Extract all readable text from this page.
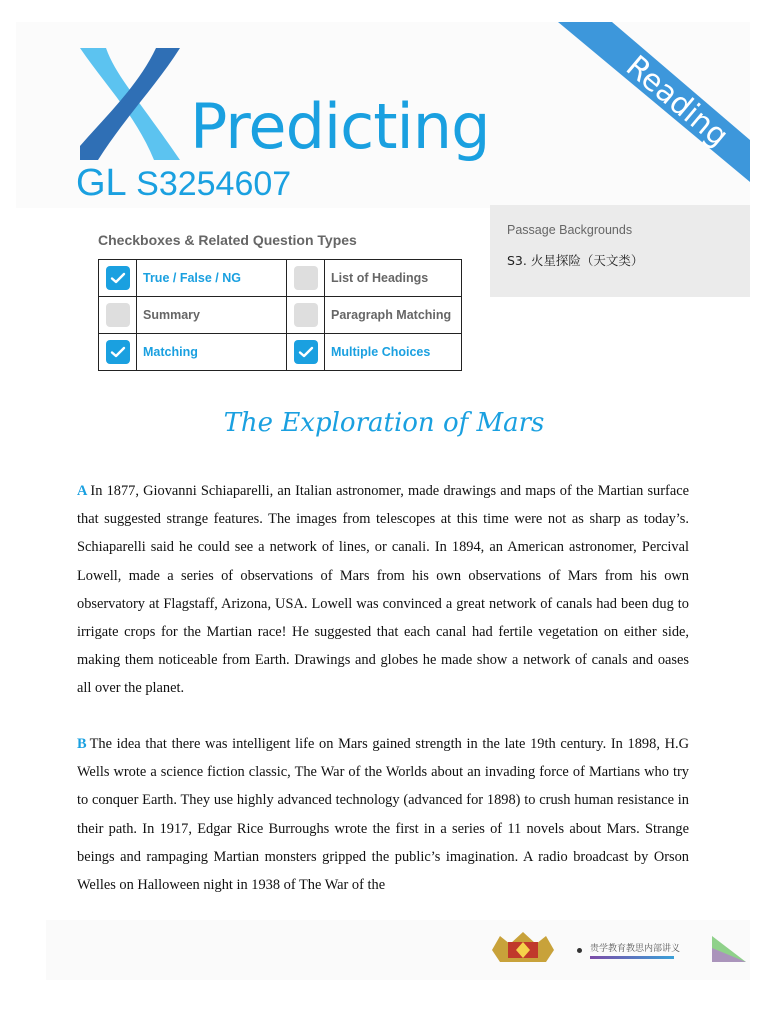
Predicting
GL S3254607
Reading
Checkboxes & Related Question Types
	True / False / NG		List of Headings
	Summary		Paragraph Matching
	Matching		Multiple Choices
Passage Backgrounds
S3. 火星探险（天文类）
The Exploration of Mars
A In 1877, Giovanni Schiaparelli, an Italian astronomer, made drawings and maps of the Martian surface that suggested strange features. The images from telescopes at this time were not as sharp as today’s. Schiaparelli said he could see a network of lines, or canali. In 1894, an American astronomer, Percival Lowell, made a series of observations of Mars from his own observations of Mars from his own observatory at Flagstaff, Arizona, USA. Lowell was convinced a great network of canals had been dug to irrigate crops for the Martian race! He suggested that each canal had fertile vegetation on either side, making them noticeable from Earth. Drawings and globes he made show a network of canals and oases all over the planet.
B The idea that there was intelligent life on Mars gained strength in the late 19th century. In 1898, H.G Wells wrote a science fiction classic, The War of the Worlds about an invading force of Martians who try to conquer Earth. They use highly advanced technology (advanced for 1898) to crush human resistance in their path. In 1917, Edgar Rice Burroughs wrote the first in a series of 11 novels about Mars. Strange beings and rampaging Martian monsters gripped the public’s imagination. A radio broadcast by Orson Welles on Halloween night in 1938 of The War of the
贵学教育教思内部讲义
